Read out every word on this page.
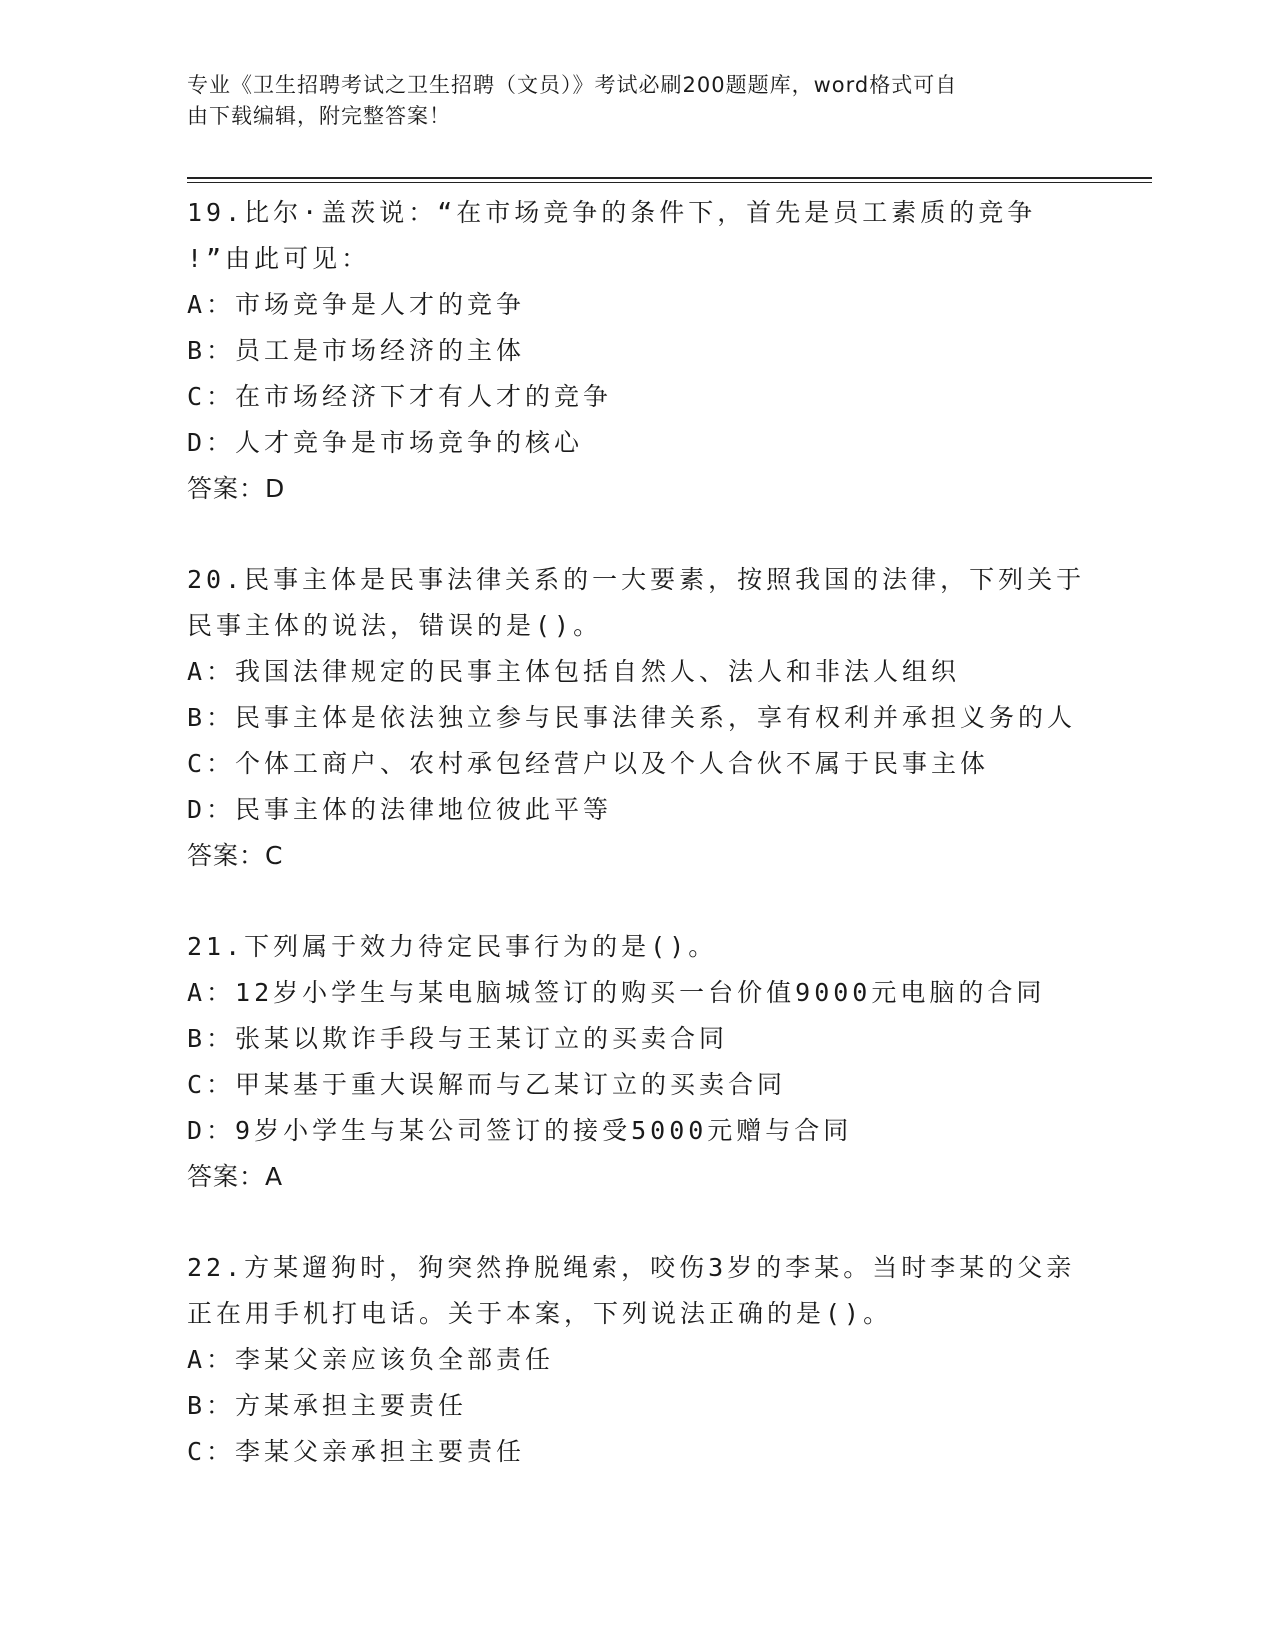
专业《卫生招聘考试之卫生招聘（文员）》考试必刷200题题库，word格式可自
由下载编辑，附完整答案！
19.比尔·盖茨说：“在市场竞争的条件下，首先是员工素质的竞争
!”由此可见：
A：市场竞争是人才的竞争
B：员工是市场经济的主体
C：在市场经济下才有人才的竞争
D：人才竞争是市场竞争的核心
答案：D
20.民事主体是民事法律关系的一大要素，按照我国的法律，下列关于
民事主体的说法，错误的是()。
A：我国法律规定的民事主体包括自然人、法人和非法人组织
B：民事主体是依法独立参与民事法律关系，享有权利并承担义务的人
C：个体工商户、农村承包经营户以及个人合伙不属于民事主体
D：民事主体的法律地位彼此平等
答案：C
21.下列属于效力待定民事行为的是()。
A：12岁小学生与某电脑城签订的购买一台价值9000元电脑的合同
B：张某以欺诈手段与王某订立的买卖合同
C：甲某基于重大误解而与乙某订立的买卖合同
D：9岁小学生与某公司签订的接受5000元赠与合同
答案：A
22.方某遛狗时，狗突然挣脱绳索，咬伤3岁的李某。当时李某的父亲
正在用手机打电话。关于本案，下列说法正确的是()。
A：李某父亲应该负全部责任
B：方某承担主要责任
C：李某父亲承担主要责任
